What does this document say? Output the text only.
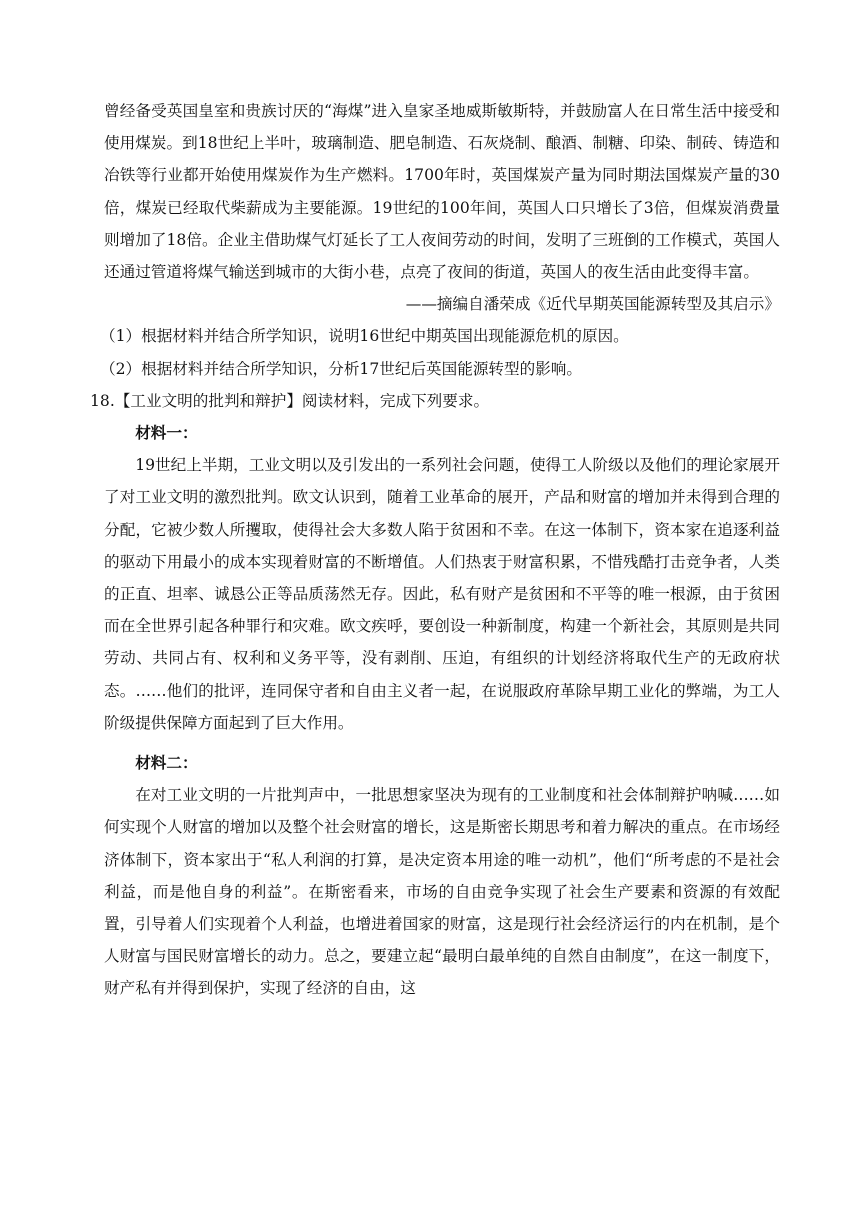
曾经备受英国皇室和贵族讨厌的“海煤”进入皇家圣地威斯敏斯特，并鼓励富人在日常生活中接受和使用煤炭。到18世纪上半叶，玻璃制造、肥皂制造、石灰烧制、酿酒、制糖、印染、制砖、铸造和冶铁等行业都开始使用煤炭作为生产燃料。1700年时，英国煤炭产量为同时期法国煤炭产量的30倍，煤炭已经取代柴薪成为主要能源。19世纪的100年间，英国人口只增长了3倍，但煤炭消费量则增加了18倍。企业主借助煤气灯延长了工人夜间劳动的时间，发明了三班倒的工作模式，英国人还通过管道将煤气输送到城市的大街小巷，点亮了夜间的街道，英国人的夜生活由此变得丰富。

——摘编自潘荣成《近代早期英国能源转型及其启示》

（1）根据材料并结合所学知识，说明16世纪中期英国出现能源危机的原因。

（2）根据材料并结合所学知识，分析17世纪后英国能源转型的影响。

18.【工业文明的批判和辩护】阅读材料，完成下列要求。

材料一：

19世纪上半期，工业文明以及引发出的一系列社会问题，使得工人阶级以及他们的理论家展开了对工业文明的激烈批判。欧文认识到，随着工业革命的展开，产品和财富的增加并未得到合理的分配，它被少数人所攫取，使得社会大多数人陷于贫困和不幸。在这一体制下，资本家在追逐利益的驱动下用最小的成本实现着财富的不断增值。人们热衷于财富积累，不惜残酷打击竞争者，人类的正直、坦率、诚恳公正等品质荡然无存。因此，私有财产是贫困和不平等的唯一根源，由于贫困而在全世界引起各种罪行和灾难。欧文疾呼，要创设一种新制度，构建一个新社会，其原则是共同劳动、共同占有、权利和义务平等，没有剥削、压迫，有组织的计划经济将取代生产的无政府状态。……他们的批评，连同保守者和自由主义者一起，在说服政府革除早期工业化的弊端，为工人阶级提供保障方面起到了巨大作用。

材料二：

在对工业文明的一片批判声中，一批思想家坚决为现有的工业制度和社会体制辩护呐喊……如何实现个人财富的增加以及整个社会财富的增长，这是斯密长期思考和着力解决的重点。在市场经济体制下，资本家出于“私人利润的打算，是决定资本用途的唯一动机”，他们“所考虑的不是社会利益，而是他自身的利益”。在斯密看来，市场的自由竞争实现了社会生产要素和资源的有效配置，引导着人们实现着个人利益，也增进着国家的财富，这是现行社会经济运行的内在机制，是个人财富与国民财富增长的动力。总之，要建立起“最明白最单纯的自然自由制度”，在这一制度下，财产私有并得到保护，实现了经济的自由，这
